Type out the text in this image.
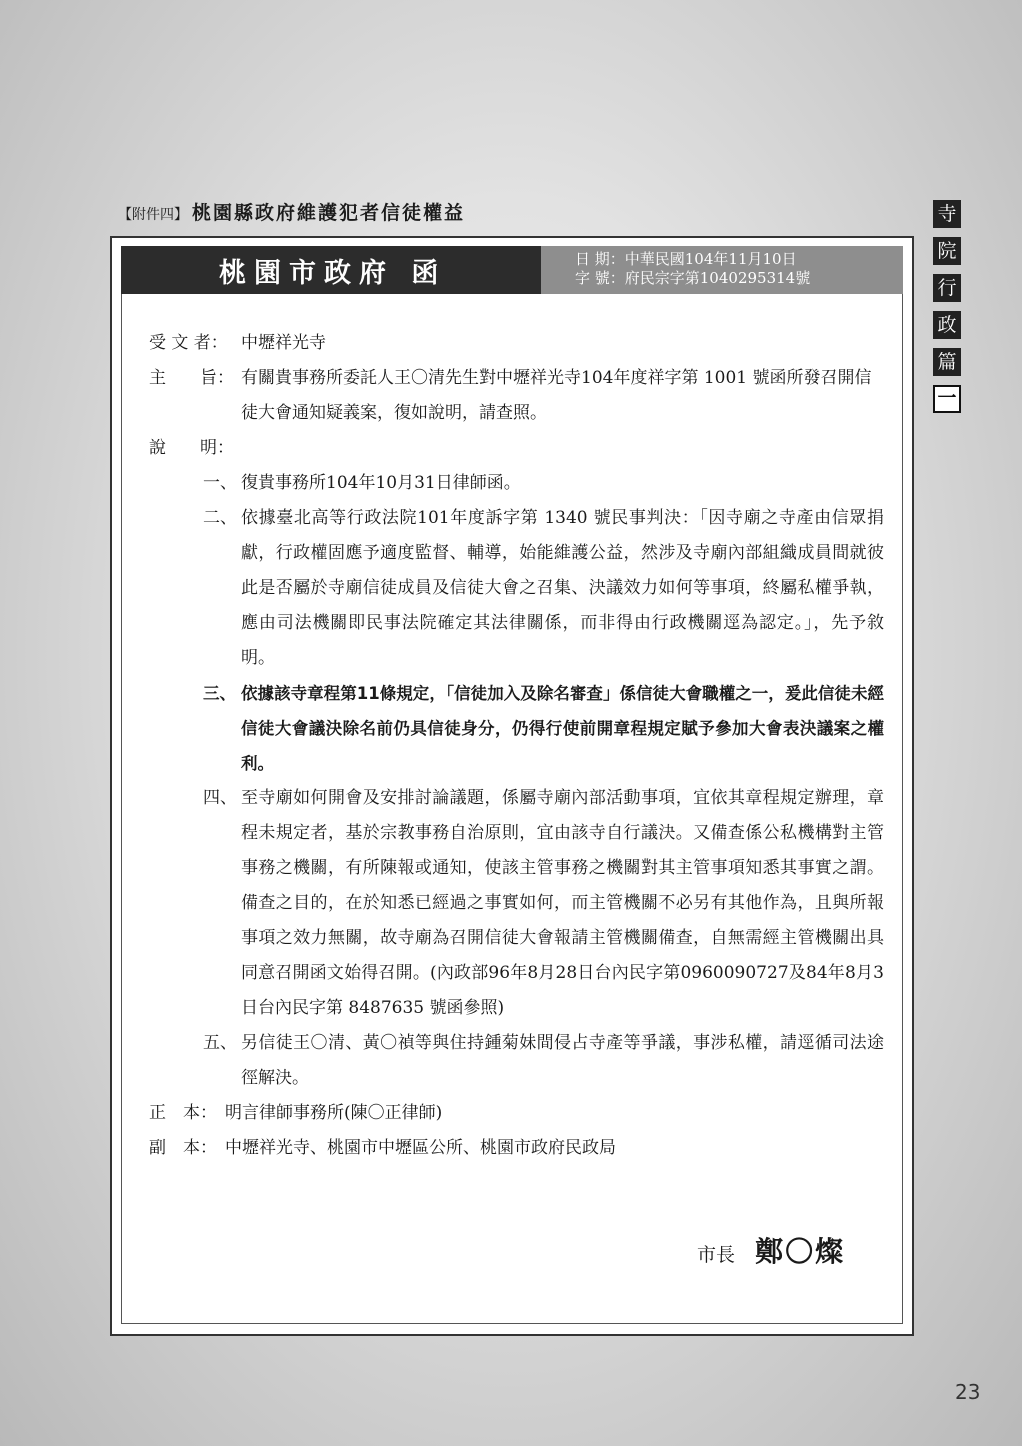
【附件四】 桃園縣政府維護犯者信徒權益	寺
院
行
政
篇
一
桃園市政府 函	日 期：中華民國104年11月10日
字 號：府民宗字第1040295314號
受 文 者： 中壢祥光寺
主　　旨： 有關貴事務所委託人王〇清先生對中壢祥光寺104年度祥字第 1001 號函所發召開信徒大會通知疑義案，復如說明，請查照。
說　　明：
一、 復貴事務所104年10月31日律師函。
二、 依據臺北高等行政法院101年度訴字第 1340 號民事判決：「因寺廟之寺產由信眾捐獻，行政權固應予適度監督、輔導，始能維護公益，然涉及寺廟內部組織成員間就彼此是否屬於寺廟信徒成員及信徒大會之召集、決議效力如何等事項，終屬私權爭執，應由司法機關即民事法院確定其法律關係，而非得由行政機關逕為認定。」，先予敘明。
三、 依據該寺章程第11條規定，「信徒加入及除名審查」係信徒大會職權之一，爰此信徒未經信徒大會議決除名前仍具信徒身分，仍得行使前開章程規定賦予參加大會表決議案之權利。
四、 至寺廟如何開會及安排討論議題，係屬寺廟內部活動事項，宜依其章程規定辦理，章程未規定者，基於宗教事務自治原則，宜由該寺自行議決。又備查係公私機構對主管事務之機關，有所陳報或通知，使該主管事務之機關對其主管事項知悉其事實之謂。備查之目的，在於知悉已經過之事實如何，而主管機關不必另有其他作為，且與所報事項之效力無關，故寺廟為召開信徒大會報請主管機關備查，自無需經主管機關出具同意召開函文始得召開。(內政部96年8月28日台內民字第0960090727及84年8月3日台內民字第 8487635 號函參照)
五、 另信徒王〇清、黃〇禎等與住持鍾菊妹間侵占寺產等爭議，事涉私權，請逕循司法途徑解決。
正　本： 明言律師事務所(陳〇正律師)
副　本： 中壢祥光寺、桃園市中壢區公所、桃園市政府民政局
市長 鄭〇燦
23
